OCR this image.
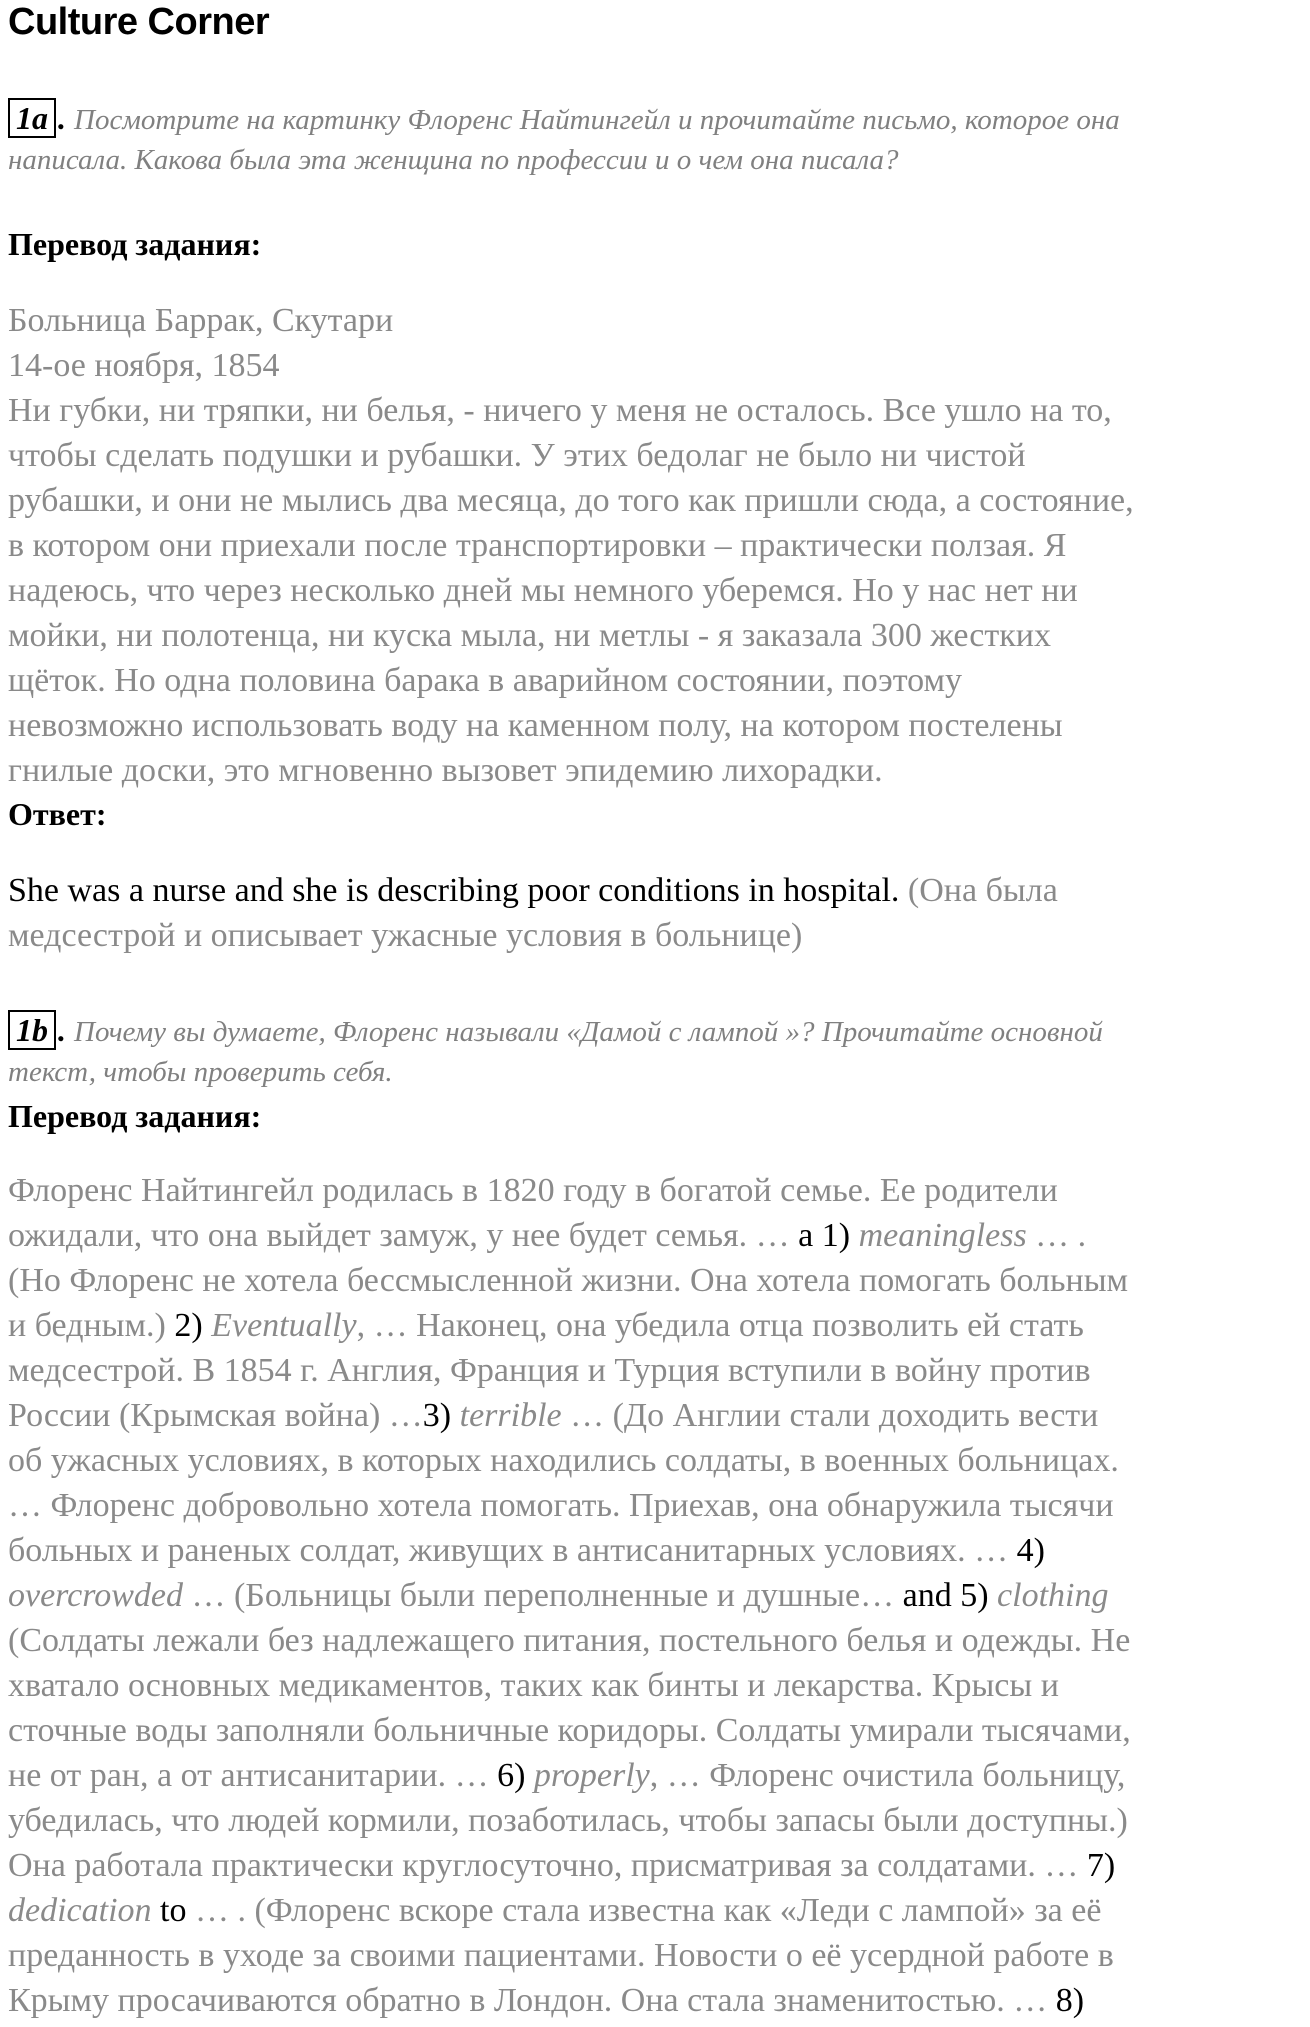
Culture Corner
1a . Посмотрите на картинку Флоренс Найтингейл и прочитайте письмо, которое она
написала. Какова была эта женщина по профессии и о чем она писала?
Перевод задания:
Больница Баррак, Скутари
14-ое ноября, 1854
Ни губки, ни тряпки, ни белья, - ничего у меня не осталось. Все ушло на то,
чтобы сделать подушки и рубашки. У этих бедолаг не было ни чистой
рубашки, и они не мылись два месяца, до того как пришли сюда, а состояние,
в котором они приехали после транспортировки – практически ползая. Я
надеюсь, что через несколько дней мы немного уберемся. Но у нас нет ни
мойки, ни полотенца, ни куска мыла, ни метлы - я заказала 300 жестких
щёток. Но одна половина барака в аварийном состоянии, поэтому
невозможно использовать воду на каменном полу, на котором постелены
гнилые доски, это мгновенно вызовет эпидемию лихорадки.
Ответ:
She was a nurse and she is describing poor conditions in hospital. (Она была
медсестрой и описывает ужасные условия в больнице)
1b . Почему вы думаете, Флоренс называли «Дамой с лампой »? Прочитайте основной
текст, чтобы проверить себя.
Перевод задания:
Флоренс Найтингейл родилась в 1820 году в богатой семье. Ее родители
ожидали, что она выйдет замуж, у нее будет семья. … a 1) meaningless … .
(Но Флоренс не хотела бессмысленной жизни. Она хотела помогать больным
и бедным.) 2) Eventually, … Наконец, она убедила отца позволить ей стать
медсестрой. В 1854 г. Англия, Франция и Турция вступили в войну против
России (Крымская война) …3) terrible … (До Англии стали доходить вести
об ужасных условиях, в которых находились солдаты, в военных больницах.
… Флоренс добровольно хотела помогать. Приехав, она обнаружила тысячи
больных и раненых солдат, живущих в антисанитарных условиях. … 4)
overcrowded … (Больницы были переполненные и душные… and 5) clothing
(Солдаты лежали без надлежащего питания, постельного белья и одежды. Не
хватало основных медикаментов, таких как бинты и лекарства. Крысы и
сточные воды заполняли больничные коридоры. Солдаты умирали тысячами,
не от ран, а от антисанитарии. … 6) properly, … Флоренс очистила больницу,
убедилась, что людей кормили, позаботилась, чтобы запасы были доступны.)
Она работала практически круглосуточно, присматривая за солдатами. … 7)
dedication to … . (Флоренс вскоре стала известна как «Леди с лампой» за её
преданность в уходе за своими пациентами. Новости о её усердной работе в
Крыму просачиваются обратно в Лондон. Она стала знаменитостью. … 8)
